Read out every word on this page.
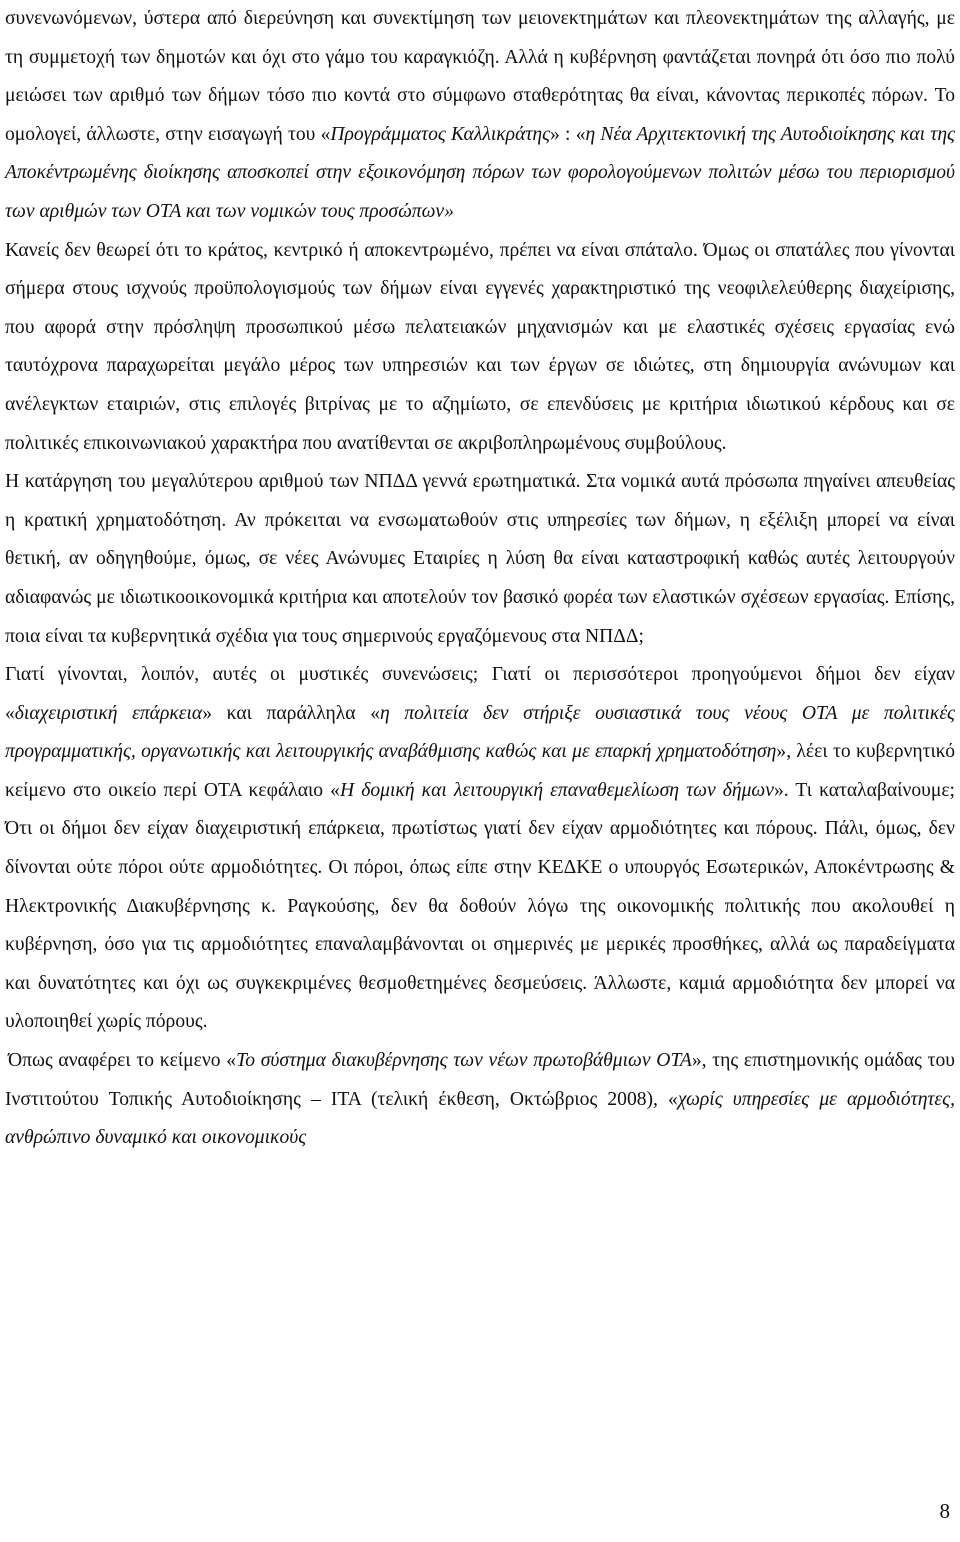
συνενωνόμενων, ύστερα από διερεύνηση και συνεκτίμηση των μειονεκτημάτων και πλεονεκτημάτων της αλλαγής, με τη συμμετοχή των δημοτών και όχι στο γάμο του καραγκιόζη. Αλλά η κυβέρνηση φαντάζεται πονηρά ότι όσο πιο πολύ μειώσει των αριθμό των δήμων τόσο πιο κοντά στο σύμφωνο σταθερότητας θα είναι, κάνοντας περικοπές πόρων. Το ομολογεί, άλλωστε, στην εισαγωγή του «Προγράμματος Καλλικράτης» : «η Νέα Αρχιτεκτονική της Αυτοδιοίκησης και της Αποκέντρωμένης διοίκησης αποσκοπεί στην εξοικονόμηση πόρων των φορολογούμενων πολιτών μέσω του περιορισμού των αριθμών των ΟΤΑ και των νομικών τους προσώπων»

Κανείς δεν θεωρεί ότι το κράτος, κεντρικό ή αποκεντρωμένο, πρέπει να είναι σπάταλο. Όμως οι σπατάλες που γίνονται σήμερα στους ισχνούς προϋπολογισμούς των δήμων είναι εγγενές χαρακτηριστικό της νεοφιλελεύθερης διαχείρισης, που αφορά στην πρόσληψη προσωπικού μέσω πελατειακών μηχανισμών και με ελαστικές σχέσεις εργασίας ενώ ταυτόχρονα παραχωρείται μεγάλο μέρος των υπηρεσιών και των έργων σε ιδιώτες, στη δημιουργία ανώνυμων και ανέλεγκτων εταιριών, στις επιλογές βιτρίνας με το αζημίωτο, σε επενδύσεις με κριτήρια ιδιωτικού κέρδους και σε πολιτικές επικοινωνιακού χαρακτήρα που ανατίθενται σε ακριβοπληρωμένους συμβούλους.

Η κατάργηση του μεγαλύτερου αριθμού των ΝΠΔΔ γεννά ερωτηματικά. Στα νομικά αυτά πρόσωπα πηγαίνει απευθείας η κρατική χρηματοδότηση. Αν πρόκειται να ενσωματωθούν στις υπηρεσίες των δήμων, η εξέλιξη μπορεί να είναι θετική, αν οδηγηθούμε, όμως, σε νέες Ανώνυμες Εταιρίες η λύση θα είναι καταστροφική καθώς αυτές λειτουργούν αδιαφανώς με ιδιωτικοοικονομικά κριτήρια και αποτελούν τον βασικό φορέα των ελαστικών σχέσεων εργασίας. Επίσης, ποια είναι τα κυβερνητικά σχέδια για τους σημερινούς εργαζόμενους στα ΝΠΔΔ;

Γιατί γίνονται, λοιπόν, αυτές οι μυστικές συνενώσεις; Γιατί οι περισσότεροι προηγούμενοι δήμοι δεν είχαν «διαχειριστική επάρκεια» και παράλληλα «η πολιτεία δεν στήριξε ουσιαστικά τους νέους ΟΤΑ με πολιτικές προγραμματικής, οργανωτικής και λειτουργικής αναβάθμισης καθώς και με επαρκή χρηματοδότηση», λέει το κυβερνητικό κείμενο στο οικείο περί ΟΤΑ κεφάλαιο «Η δομική και λειτουργική επαναθεμελίωση των δήμων». Τι καταλαβαίνουμε; Ότι οι δήμοι δεν είχαν διαχειριστική επάρκεια, πρωτίστως γιατί δεν είχαν αρμοδιότητες και πόρους. Πάλι, όμως, δεν δίνονται ούτε πόροι ούτε αρμοδιότητες. Οι πόροι, όπως είπε στην ΚΕΔΚΕ ο υπουργός Εσωτερικών, Αποκέντρωσης & Ηλεκτρονικής Διακυβέρνησης κ. Ραγκούσης, δεν θα δοθούν λόγω της οικονομικής πολιτικής που ακολουθεί η κυβέρνηση, όσο για τις αρμοδιότητες επαναλαμβάνονται οι σημερινές με μερικές προσθήκες, αλλά ως παραδείγματα και δυνατότητες και όχι ως συγκεκριμένες θεσμοθετημένες δεσμεύσεις. Άλλωστε, καμιά αρμοδιότητα δεν μπορεί να υλοποιηθεί χωρίς πόρους.

Όπως αναφέρει το κείμενο «Το σύστημα διακυβέρνησης των νέων πρωτοβάθμιων ΟΤΑ», της επιστημονικής ομάδας του Ινστιτούτου Τοπικής Αυτοδιοίκησης – ΙΤΑ (τελική έκθεση, Οκτώβριος 2008), «χωρίς υπηρεσίες με αρμοδιότητες, ανθρώπινο δυναμικό και οικονομικούς

8
